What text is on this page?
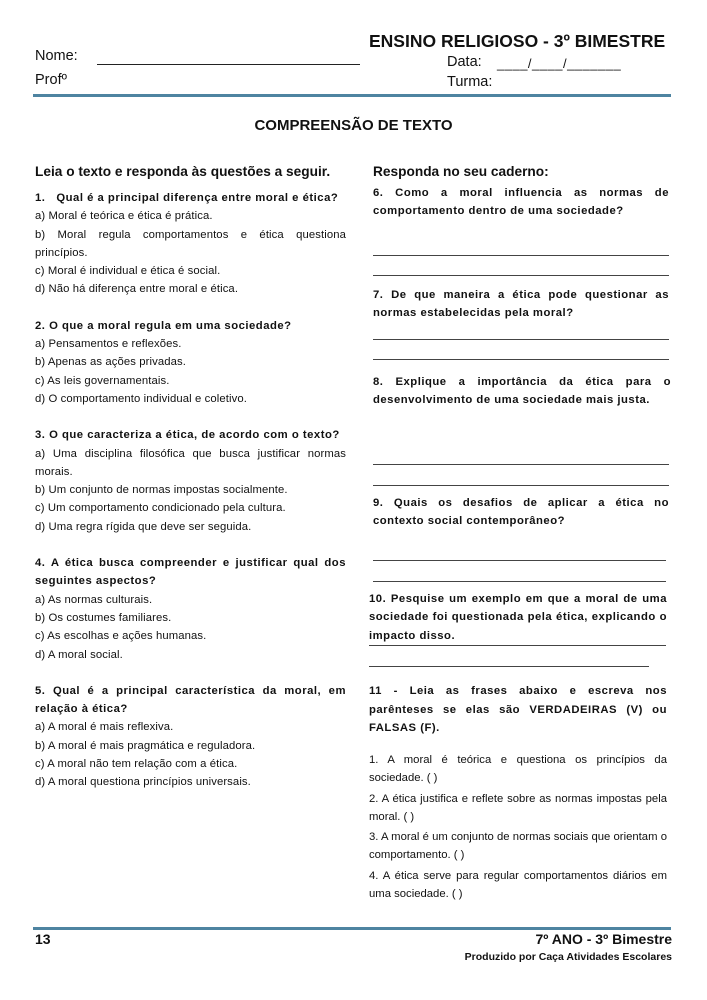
ENSINO RELIGIOSO - 3º BIMESTRE
Nome:
Profº
Data: ____/____/_______
Turma:
COMPREENSÃO DE TEXTO
Leia o texto e responda às questões a seguir.
1. Qual é a principal diferença entre moral e ética?
a) Moral é teórica e ética é prática.
b) Moral regula comportamentos e ética questiona princípios.
c) Moral é individual e ética é social.
d) Não há diferença entre moral e ética.
2. O que a moral regula em uma sociedade?
a) Pensamentos e reflexões.
b) Apenas as ações privadas.
c) As leis governamentais.
d) O comportamento individual e coletivo.
3. O que caracteriza a ética, de acordo com o texto?
a) Uma disciplina filosófica que busca justificar normas morais.
b) Um conjunto de normas impostas socialmente.
c) Um comportamento condicionado pela cultura.
d) Uma regra rígida que deve ser seguida.
4. A ética busca compreender e justificar qual dos seguintes aspectos?
a) As normas culturais.
b) Os costumes familiares.
c) As escolhas e ações humanas.
d) A moral social.
5. Qual é a principal característica da moral, em relação à ética?
a) A moral é mais reflexiva.
b) A moral é mais pragmática e reguladora.
c) A moral não tem relação com a ética.
d) A moral questiona princípios universais.
Responda no seu caderno:
6. Como a moral influencia as normas de comportamento dentro de uma sociedade?
7. De que maneira a ética pode questionar as normas estabelecidas pela moral?
8. Explique a importância da ética para o desenvolvimento de uma sociedade mais justa.
9. Quais os desafios de aplicar a ética no contexto social contemporâneo?
10. Pesquise um exemplo em que a moral de uma sociedade foi questionada pela ética, explicando o impacto disso.
11 - Leia as frases abaixo e escreva nos parênteses se elas são VERDADEIRAS (V) ou FALSAS (F).
1. A moral é teórica e questiona os princípios da sociedade. ( )
2. A ética justifica e reflete sobre as normas impostas pela moral. ( )
3. A moral é um conjunto de normas sociais que orientam o comportamento. ( )
4. A ética serve para regular comportamentos diários em uma sociedade. ( )
13	7º ANO - 3º Bimestre
Produzido por Caça Atividades Escolares
